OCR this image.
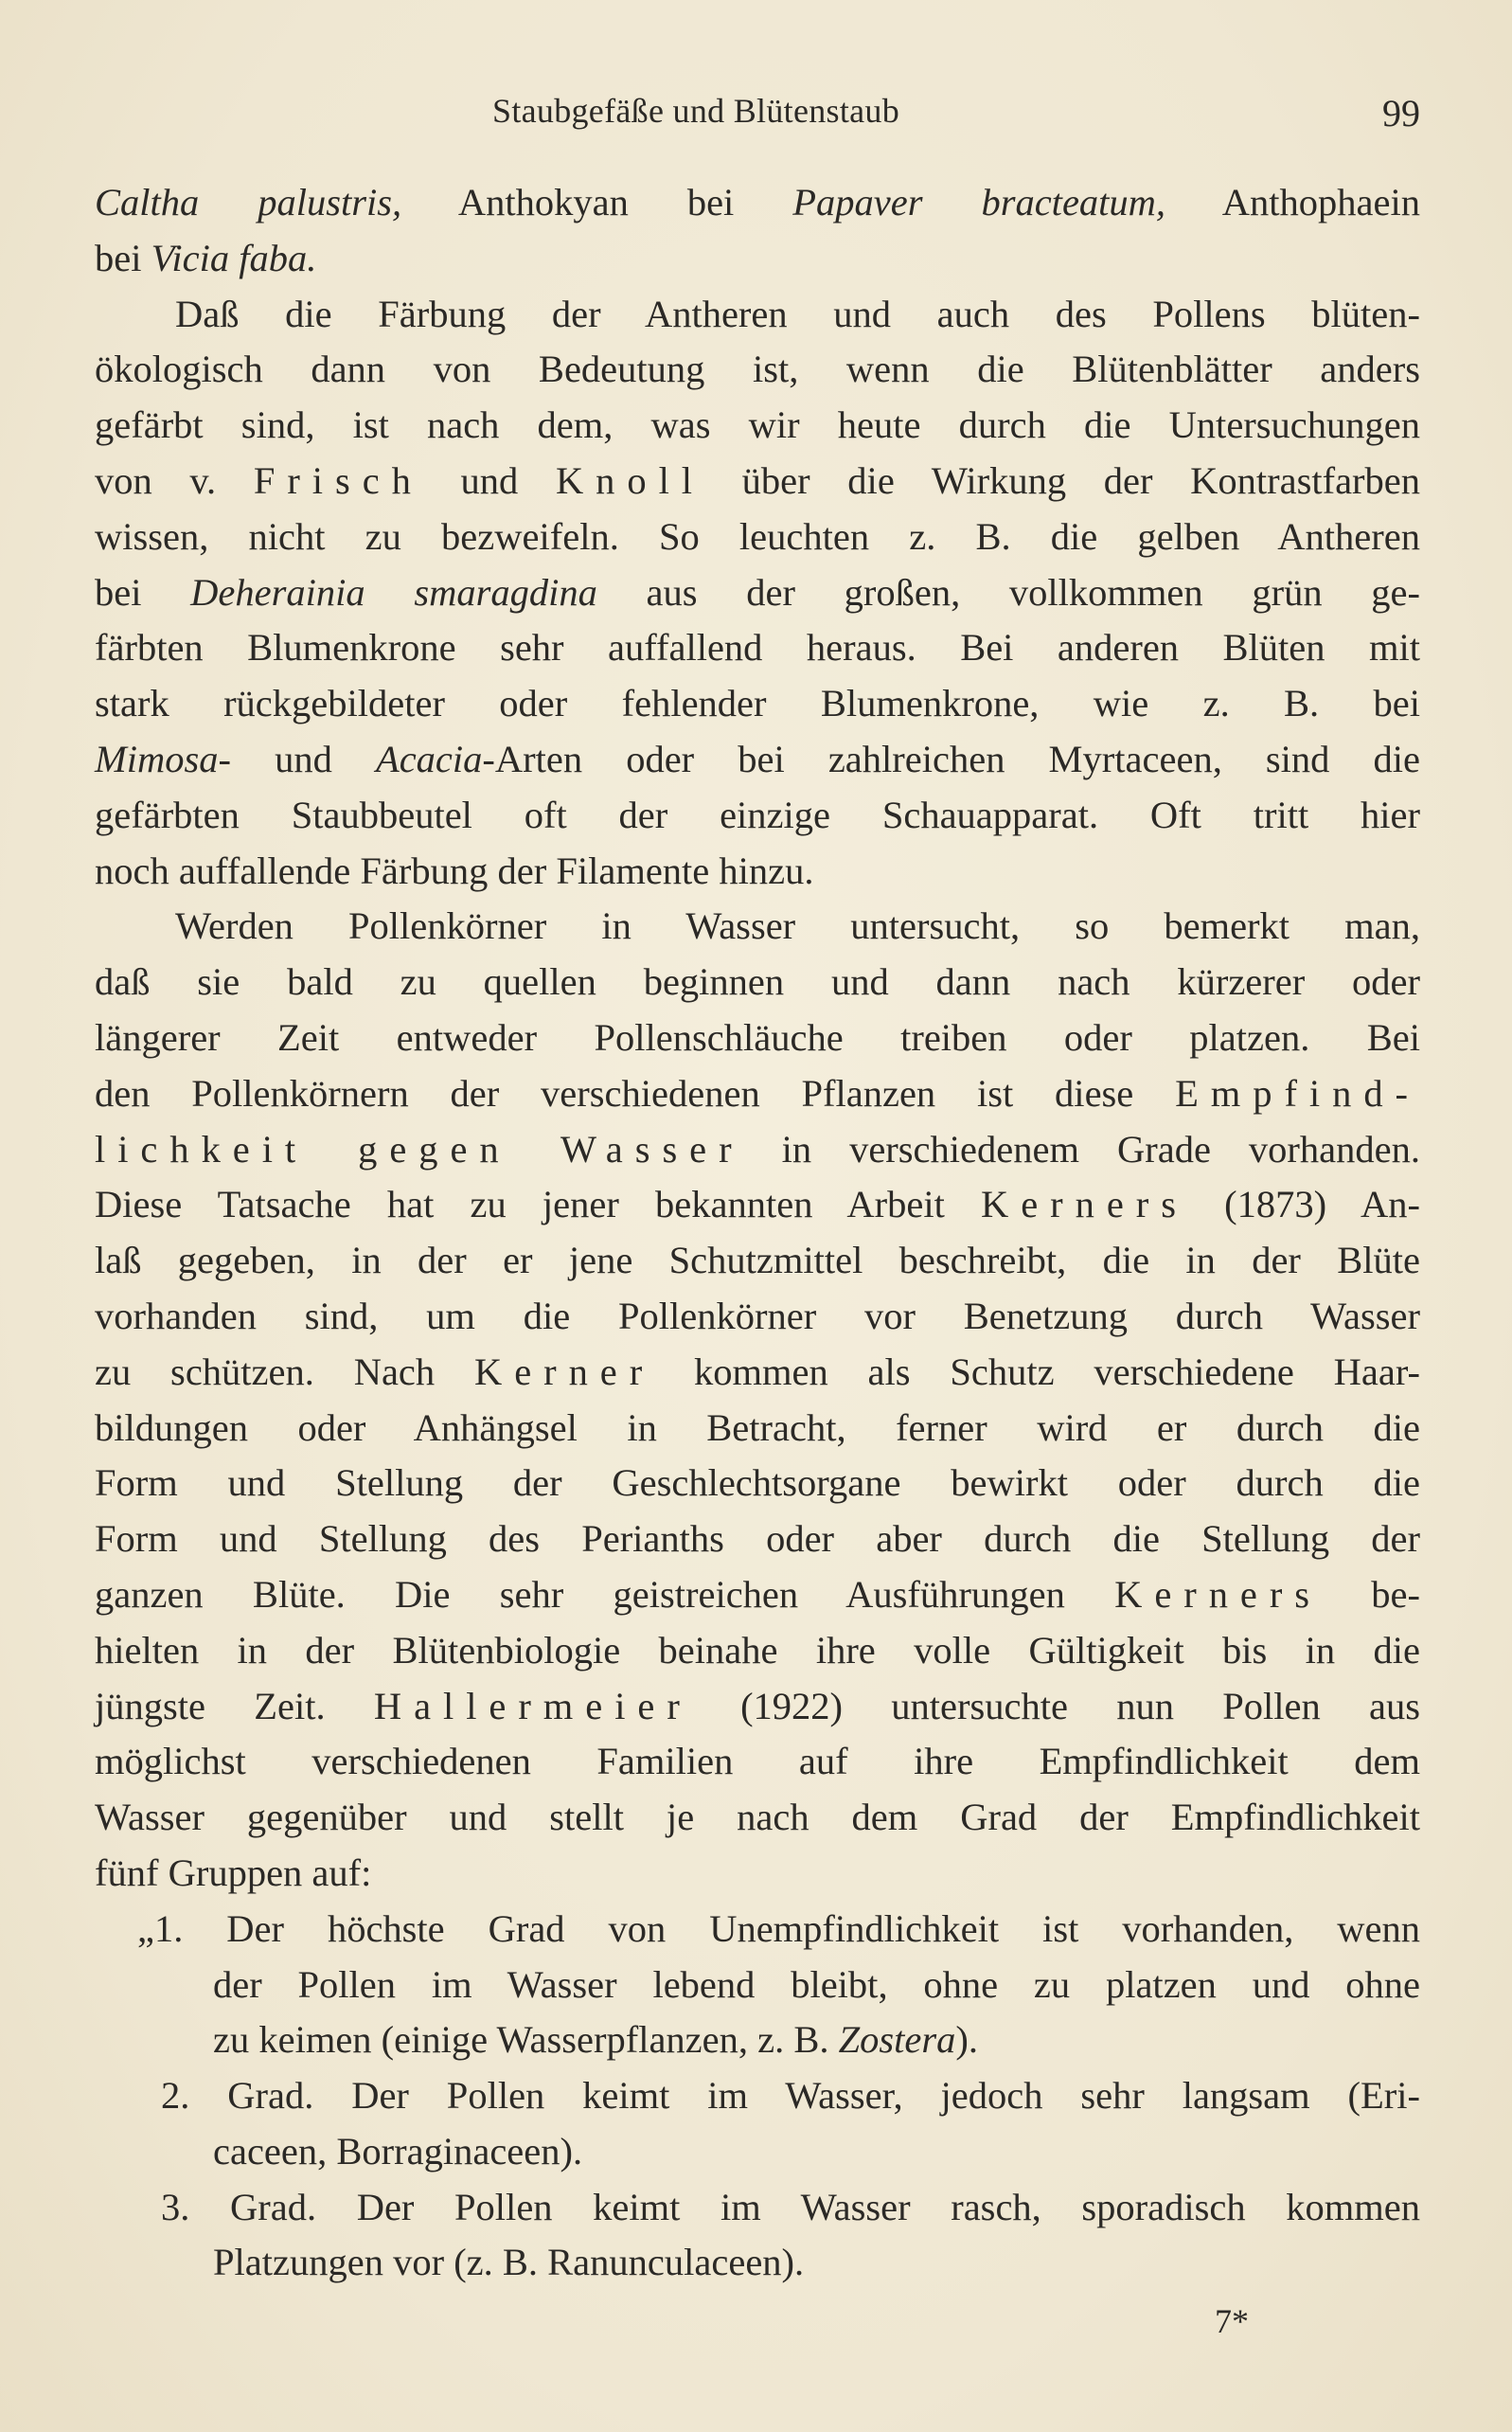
Staubgefäße und Blütenstaub	99
Caltha palustris, Anthokyan bei Papaver bracteatum, Anthophaein
bei Vicia faba.
Daß die Färbung der Antheren und auch des Pollens blüten-
ökologisch dann von Bedeutung ist, wenn die Blütenblätter anders
gefärbt sind, ist nach dem, was wir heute durch die Untersuchungen
von v. Frisch und Knoll über die Wirkung der Kontrastfarben
wissen, nicht zu bezweifeln. So leuchten z. B. die gelben Antheren
bei Deherainia smaragdina aus der großen, vollkommen grün ge-
färbten Blumenkrone sehr auffallend heraus. Bei anderen Blüten mit
stark rückgebildeter oder fehlender Blumenkrone, wie z. B. bei
Mimosa- und Acacia-Arten oder bei zahlreichen Myrtaceen, sind die
gefärbten Staubbeutel oft der einzige Schauapparat. Oft tritt hier
noch auffallende Färbung der Filamente hinzu.
Werden Pollenkörner in Wasser untersucht, so bemerkt man,
daß sie bald zu quellen beginnen und dann nach kürzerer oder
längerer Zeit entweder Pollenschläuche treiben oder platzen. Bei
den Pollenkörnern der verschiedenen Pflanzen ist diese Empfind-
lichkeit gegen Wasser in verschiedenem Grade vorhanden.
Diese Tatsache hat zu jener bekannten Arbeit Kerners (1873) An-
laß gegeben, in der er jene Schutzmittel beschreibt, die in der Blüte
vorhanden sind, um die Pollenkörner vor Benetzung durch Wasser
zu schützen. Nach Kerner kommen als Schutz verschiedene Haar-
bildungen oder Anhängsel in Betracht, ferner wird er durch die
Form und Stellung der Geschlechtsorgane bewirkt oder durch die
Form und Stellung des Perianths oder aber durch die Stellung der
ganzen Blüte. Die sehr geistreichen Ausführungen Kerners be-
hielten in der Blütenbiologie beinahe ihre volle Gültigkeit bis in die
jüngste Zeit. Hallermeier (1922) untersuchte nun Pollen aus
möglichst verschiedenen Familien auf ihre Empfindlichkeit dem
Wasser gegenüber und stellt je nach dem Grad der Empfindlichkeit
fünf Gruppen auf:
„1. Der höchste Grad von Unempfindlichkeit ist vorhanden, wenn
der Pollen im Wasser lebend bleibt, ohne zu platzen und ohne
zu keimen (einige Wasserpflanzen, z. B. Zostera).
2. Grad. Der Pollen keimt im Wasser, jedoch sehr langsam (Eri-
caceen, Borraginaceen).
3. Grad. Der Pollen keimt im Wasser rasch, sporadisch kommen
Platzungen vor (z. B. Ranunculaceen).
7*
